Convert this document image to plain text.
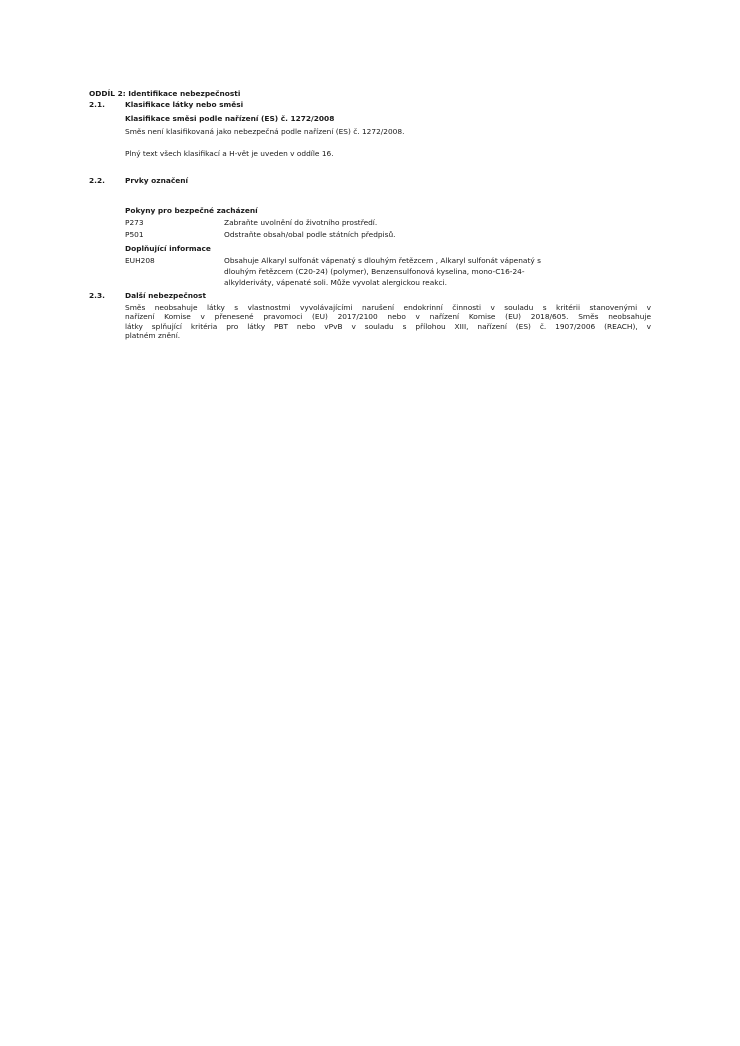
ODDÍL 2: Identifikace nebezpečnosti
2.1.	Klasifikace látky nebo směsi
Klasifikace směsi podle nařízení (ES) č. 1272/2008
Směs není klasifikovaná jako nebezpečná podle nařízení (ES) č. 1272/2008.
Plný text všech klasifikací a H-vět je uveden v oddíle 16.
2.2.	Prvky označení
Pokyny pro bezpečné zacházení
P273	Zabraňte uvolnění do životního prostředí.
P501	Odstraňte obsah/obal podle státních předpisů.
Doplňující informace
EUH208	Obsahuje Alkaryl sulfonát vápenatý s dlouhým řetězcem , Alkaryl sulfonát vápenatý s
dlouhým řetězcem (C20-24) (polymer), Benzensulfonová kyselina, mono-C16-24-
alkylderiváty, vápenaté soli. Může vyvolat alergickou reakci.
2.3.	Další nebezpečnost
Směs neobsahuje látky s vlastnostmi vyvolávajícími narušení endokrinní činnosti v souladu s kritérii stanovenými v
nařízení Komise v přenesené pravomoci (EU) 2017/2100 nebo v nařízení Komise (EU) 2018/605. Směs neobsahuje
látky splňující kritéria pro látky PBT nebo vPvB v souladu s přílohou XIII, nařízení (ES) č. 1907/2006 (REACH), v
platném znění.
